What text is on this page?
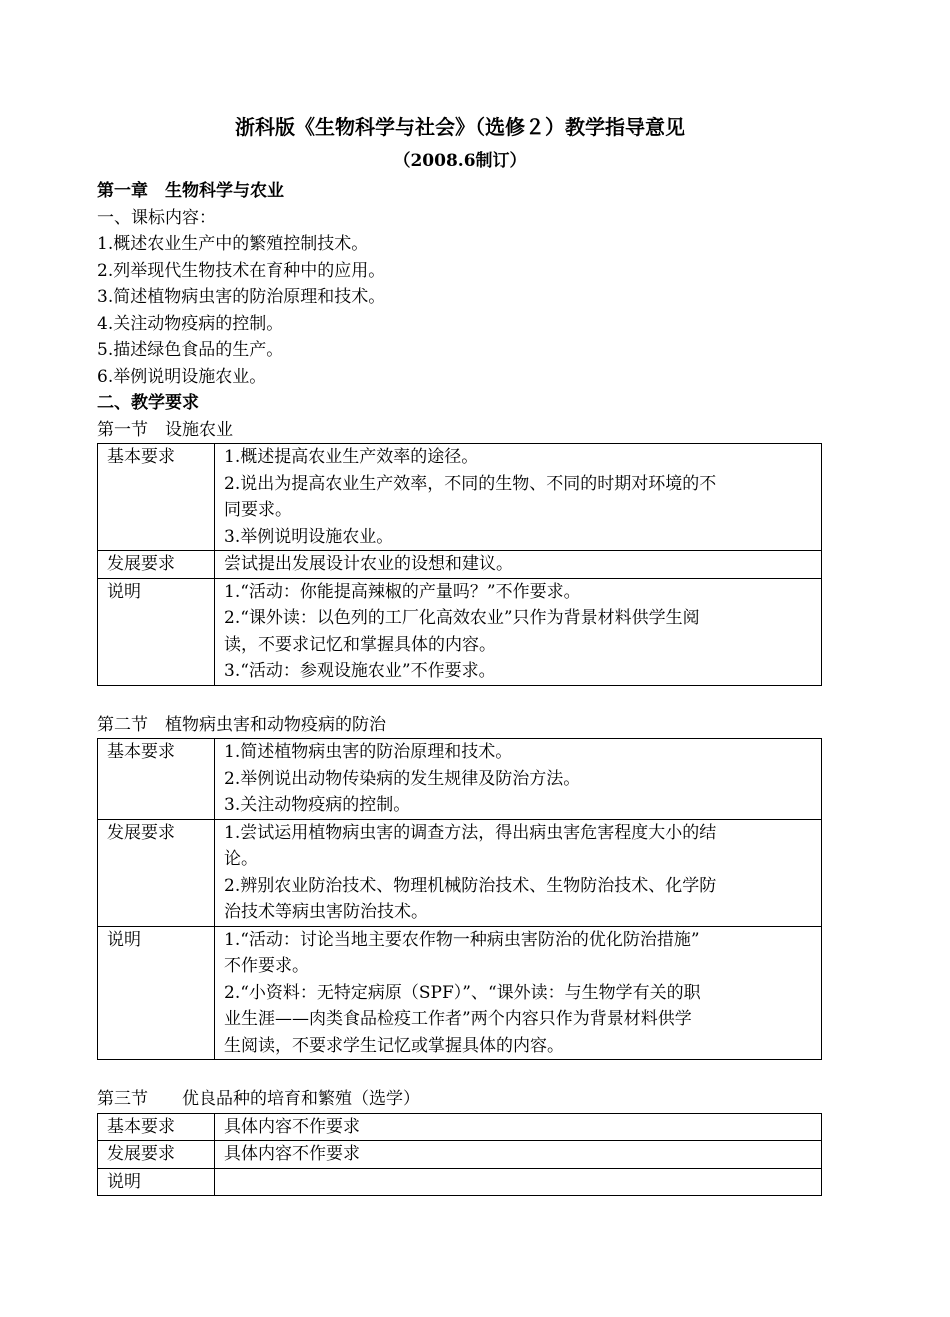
浙科版《生物科学与社会》（选修２）教学指导意见

（2008.6制订）

第一章　生物科学与农业

一、课标内容：

1.概述农业生产中的繁殖控制技术。

2.列举现代生物技术在育种中的应用。

3.简述植物病虫害的防治原理和技术。

4.关注动物疫病的控制。

5.描述绿色食品的生产。

6.举例说明设施农业。

二、教学要求

第一节　设施农业

基本要求	1.概述提高农业生产效率的途径。
2.说出为提高农业生产效率，不同的生物、不同的时期对环境的不
同要求。
3.举例说明设施农业。

发展要求	尝试提出发展设计农业的设想和建议。

说明	1.“活动：你能提高辣椒的产量吗？”不作要求。
2.“课外读：以色列的工厂化高效农业”只作为背景材料供学生阅
读，不要求记忆和掌握具体的内容。
3.“活动：参观设施农业”不作要求。

第二节　植物病虫害和动物疫病的防治

基本要求	1.简述植物病虫害的防治原理和技术。
2.举例说出动物传染病的发生规律及防治方法。
3.关注动物疫病的控制。

发展要求	1.尝试运用植物病虫害的调查方法，得出病虫害危害程度大小的结
论。
2.辨别农业防治技术、物理机械防治技术、生物防治技术、化学防
治技术等病虫害防治技术。

说明	1.“活动：讨论当地主要农作物一种病虫害防治的优化防治措施”
不作要求。
2.“小资料：无特定病原（SPF）”、“课外读：与生物学有关的职
业生涯——肉类食品检疫工作者”两个内容只作为背景材料供学
生阅读，不要求学生记忆或掌握具体的内容。

第三节　　优良品种的培育和繁殖（选学）

基本要求	具体内容不作要求

发展要求	具体内容不作要求

说明	
